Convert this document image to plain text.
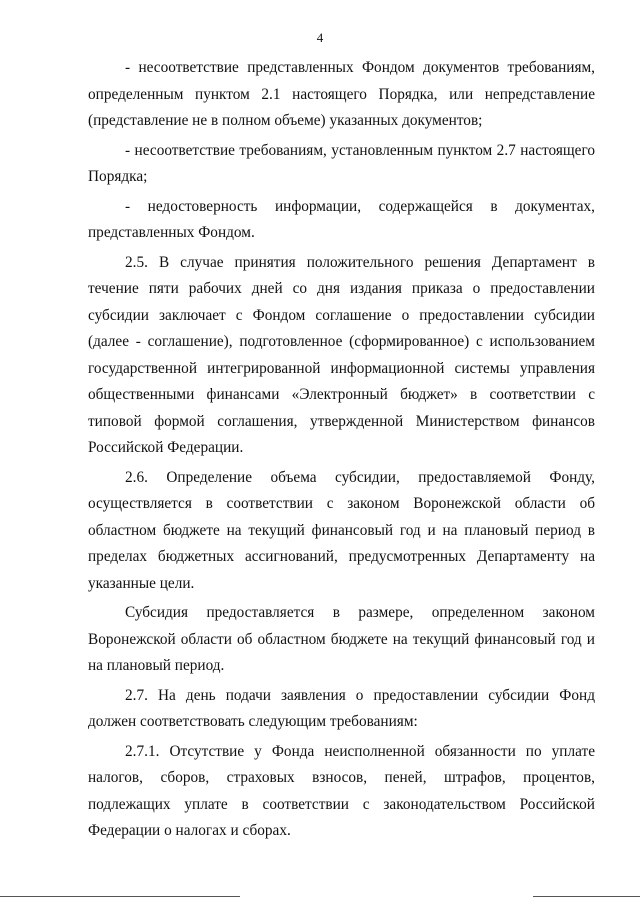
4

- несоответствие представленных Фондом документов требованиям, определенным пунктом 2.1 настоящего Порядка, или непредставление (представление не в полном объеме) указанных документов;

- несоответствие требованиям, установленным пунктом 2.7 настоящего Порядка;

- недостоверность информации, содержащейся в документах, представленных Фондом.

2.5. В случае принятия положительного решения Департамент в течение пяти рабочих дней со дня издания приказа о предоставлении субсидии заключает с Фондом соглашение о предоставлении субсидии (далее - соглашение), подготовленное (сформированное) с использованием государственной интегрированной информационной системы управления общественными финансами «Электронный бюджет» в соответствии с типовой формой соглашения, утвержденной Министерством финансов Российской Федерации.

2.6. Определение объема субсидии, предоставляемой Фонду, осуществляется в соответствии с законом Воронежской области об областном бюджете на текущий финансовый год и на плановый период в пределах бюджетных ассигнований, предусмотренных Департаменту на указанные цели.

Субсидия предоставляется в размере, определенном законом Воронежской области об областном бюджете на текущий финансовый год и на плановый период.

2.7. На день подачи заявления о предоставлении субсидии Фонд должен соответствовать следующим требованиям:

2.7.1. Отсутствие у Фонда неисполненной обязанности по уплате налогов, сборов, страховых взносов, пеней, штрафов, процентов, подлежащих уплате в соответствии с законодательством Российской Федерации о налогах и сборах.
